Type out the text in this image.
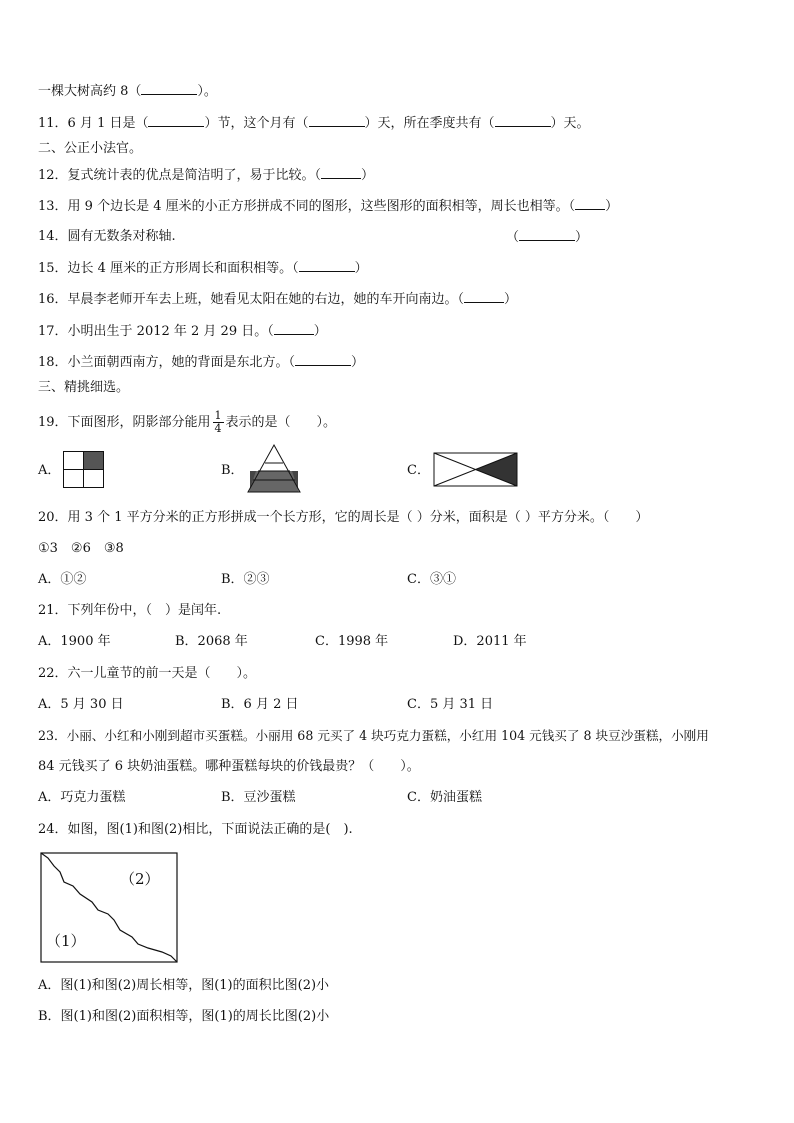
一棵大树高约 8（	）。
11．6 月 1 日是（	）节，这个月有（	）天，所在季度共有（	）天。
二、公正小法官。
12．复式统计表的优点是简洁明了，易于比较。（	）
13．用 9 个边长是 4 厘米的小正方形拼成不同的图形，这些图形的面积相等，周长也相等。（ ）
14．圆有无数条对称轴.	（	）
15．边长 4 厘米的正方形周长和面积相等。（	）
16．早晨李老师开车去上班，她看见太阳在她的右边，她的车开向南边。（	）
17．小明出生于 2012 年 2 月 29 日。（	）
18．小兰面朝西南方，她的背面是东北方。（	）
三、精挑细选。
19．下面图形，阴影部分能用 $\frac{1}{4}$ 表示的是（　　）。
A．	B．	C．
20．用 3 个 1 平方分米的正方形拼成一个长方形，它的周长是（ ）分米，面积是（ ）平方分米。（　　）
①3　②6　③8
A．①②	B．②③	C．③①
21．下列年份中，（　）是闰年.
A．1900 年	B．2068 年	C．1998 年	D．2011 年
22．六一儿童节的前一天是（　　）。
A．5 月 30 日	B．6 月 2 日	C．5 月 31 日
23．小丽、小红和小刚到超市买蛋糕。小丽用 68 元买了 4 块巧克力蛋糕，小红用 104 元钱买了 8 块豆沙蛋糕，小刚用
84 元钱买了 6 块奶油蛋糕。哪种蛋糕每块的价钱最贵？（　　）。
A．巧克力蛋糕	B．豆沙蛋糕	C．奶油蛋糕
24．如图，图(1)和图(2)相比，下面说法正确的是(　).
（2）
（1）
A．图(1)和图(2)周长相等，图(1)的面积比图(2)小
B．图(1)和图(2)面积相等，图(1)的周长比图(2)小
